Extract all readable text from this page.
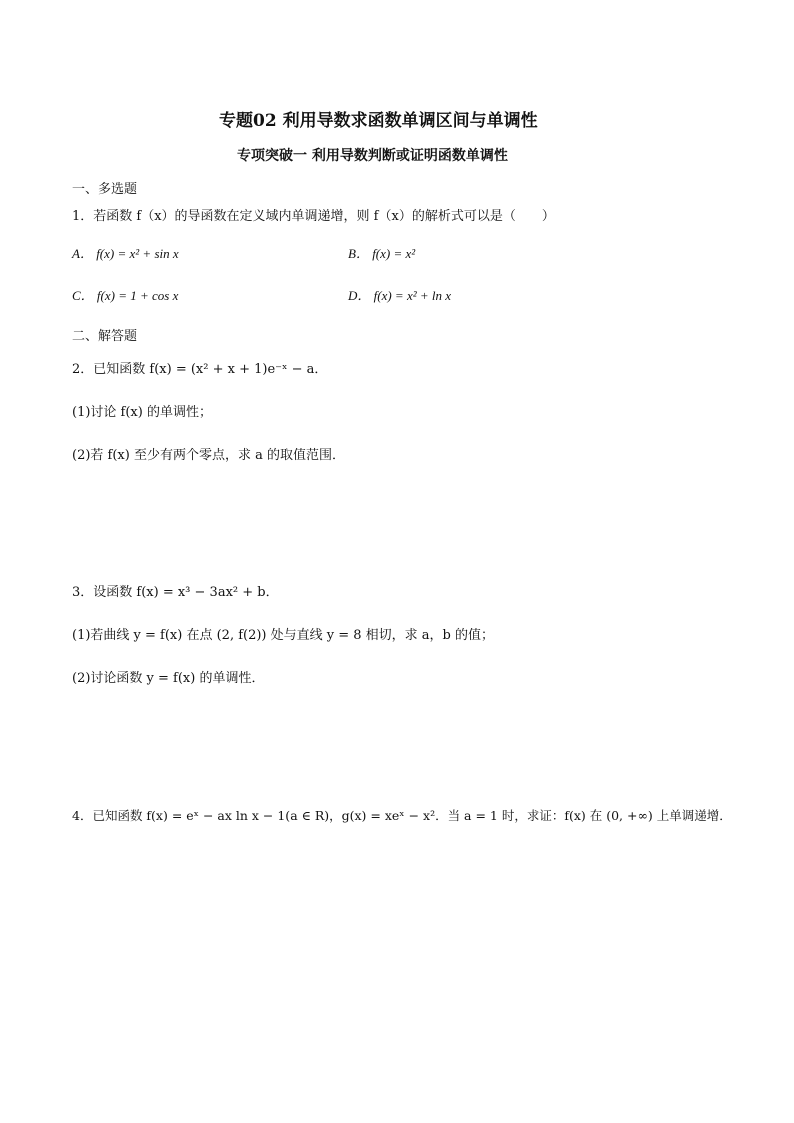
专题02 利用导数求函数单调区间与单调性
专项突破一 利用导数判断或证明函数单调性
一、多选题
1．若函数 f（x）的导函数在定义域内单调递增，则 f（x）的解析式可以是（　　）
A． f(x) = x² + sin x	B． f(x) = x²
C． f(x) = 1 + cos x	D． f(x) = x² + ln x
二、解答题
2．已知函数 f(x) = (x² + x + 1)e⁻ˣ − a．
(1)讨论 f(x) 的单调性；
(2)若 f(x) 至少有两个零点，求 a 的取值范围．
3．设函数 f(x) = x³ − 3ax² + b．
(1)若曲线 y = f(x) 在点 (2, f(2)) 处与直线 y = 8 相切，求 a，b 的值；
(2)讨论函数 y = f(x) 的单调性．
4．已知函数 f(x) = eˣ − ax ln x − 1(a ∈ R)，g(x) = xeˣ − x²．当 a = 1 时，求证：f(x) 在 (0, +∞) 上单调递增．
